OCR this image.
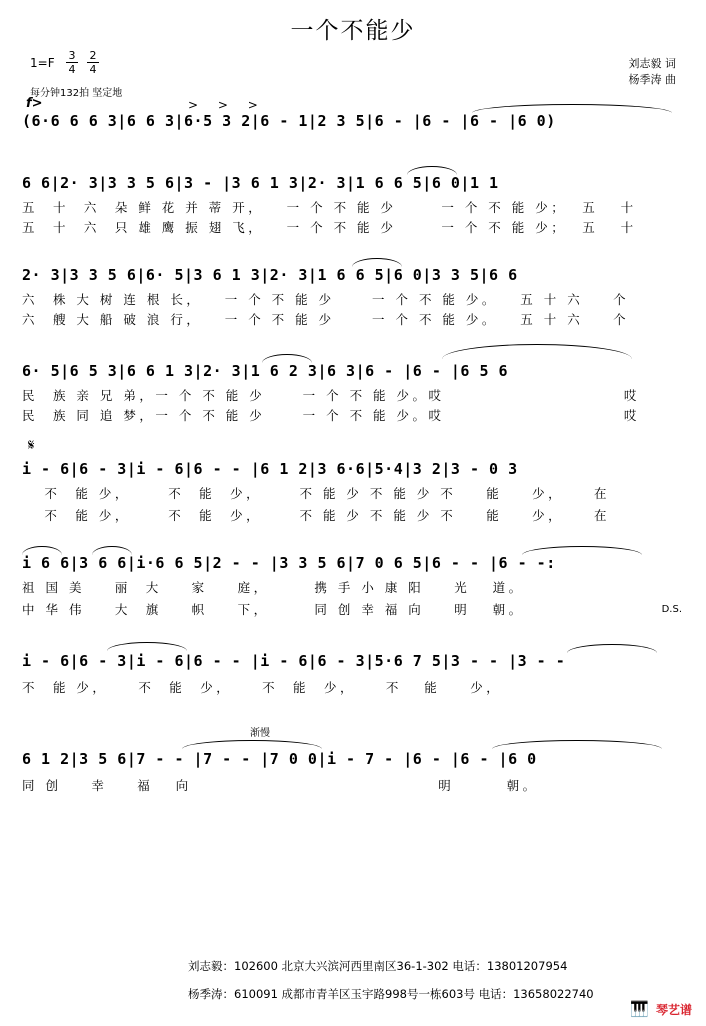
一个不能少
1=F
3
4
2
4
每分钟132拍 坚定地
刘志毅 词
杨季涛 曲
f>	> > >
(6·6 6 6 3|6 6 3|6·5 3 2|6 - 1|2 3 5|6 - |6 - |6 - |6 0)
6 6|2· 3|3 3 5 6|3 - |3 6 1 3|2· 3|1 6 6 5|6 0|1 1
五  十  六  朵 鲜 花 并 蒂 开，   一 个 不 能 少      一 个 不 能 少；  五   十
五  十  六  只 雄 鹰 振 翅 飞，   一 个 不 能 少      一 个 不 能 少；  五   十
2· 3|3 3 5 6|6· 5|3 6 1 3|2· 3|1 6 6 5|6 0|3 3 5|6 6
六  株 大 树 连 根 长，   一 个 不 能 少     一 个 不 能 少。   五 十 六    个
六  艘 大 船 破 浪 行，   一 个 不 能 少     一 个 不 能 少。   五 十 六    个
6· 5|6 5 3|6 6 1 3|2· 3|1 6 2 3|6 3|6 - |6 - |6 5 6
民  族 亲 兄 弟，一 个 不 能 少     一 个 不 能 少。哎                        哎
民  族 同 追 梦，一 个 不 能 少     一 个 不 能 少。哎                        哎
𝄋
i - 6|6 - 3|i - 6|6 - - |6 1 2|3 6·6|5·4|3 2|3 - 0 3
不  能 少，     不  能  少，     不 能 少 不 能 少 不    能    少，    在
不  能 少，     不  能  少，     不 能 少 不 能 少 不    能    少，    在
i 6 6|3 6 6|i·6 6 5|2 - - |3 3 5 6|7 0 6 5|6 - - |6 - -:
祖 国 美    丽  大    家    庭，      携 手 小 康 阳    光   道。
中 华 伟    大  旗    帜    下，      同 创 幸 福 向    明   朝。	D.S.
i - 6|6 - 3|i - 6|6 - - |i - 6|6 - 3|5·6 7 5|3 - - |3 - -
不  能 少，    不  能  少，    不  能  少，    不   能    少，
渐慢
6 1 2|3 5 6|7 - - |7 - - |7 0 0|i - 7 - |6 - |6 - |6 0
同 创    幸    福   向                                 明       朝。
刘志毅：102600 北京大兴滨河西里南区36-1-302 电话：13801207954
杨季涛：610091 成都市青羊区玉宇路998号一栋603号 电话：13658022740
🎹 琴艺谱
